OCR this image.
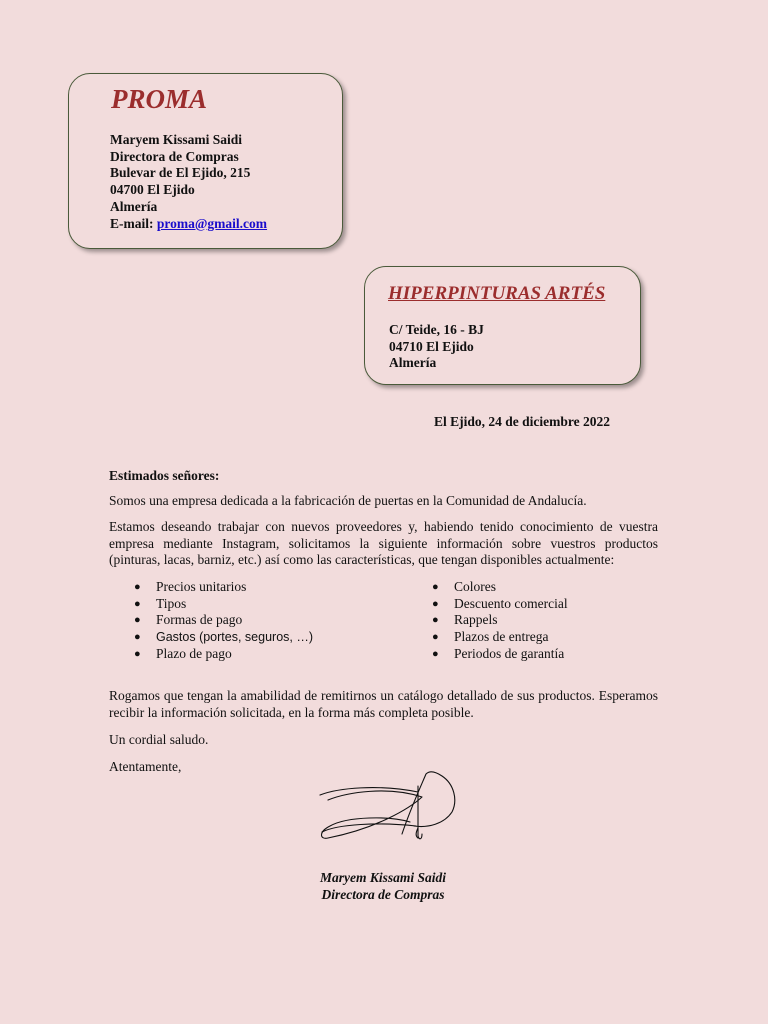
PROMA
Maryem Kissami Saidi
Directora de Compras
Bulevar de El Ejido, 215
04700 El Ejido
Almería
E-mail: proma@gmail.com
HIPERPINTURAS ARTÉS
C/ Teide, 16 - BJ
04710 El Ejido
Almería
El Ejido, 24 de diciembre 2022
Estimados señores:
Somos una empresa dedicada a la fabricación de puertas en la Comunidad de Andalucía.
Estamos deseando trabajar con nuevos proveedores y, habiendo tenido conocimiento de vuestra empresa mediante Instagram, solicitamos la siguiente información sobre vuestros productos (pinturas, lacas, barniz, etc.) así como las características, que tengan disponibles actualmente:
● Precios unitarios
● Tipos
● Formas de pago
● Gastos (portes, seguros, …)
● Plazo de pago
● Colores
● Descuento comercial
● Rappels
● Plazos de entrega
● Periodos de garantía
Rogamos que tengan la amabilidad de remitirnos un catálogo detallado de sus productos. Esperamos recibir la información solicitada, en la forma más completa posible.
Un cordial saludo.
Atentamente,
Maryem Kissami Saidi
Directora de Compras
